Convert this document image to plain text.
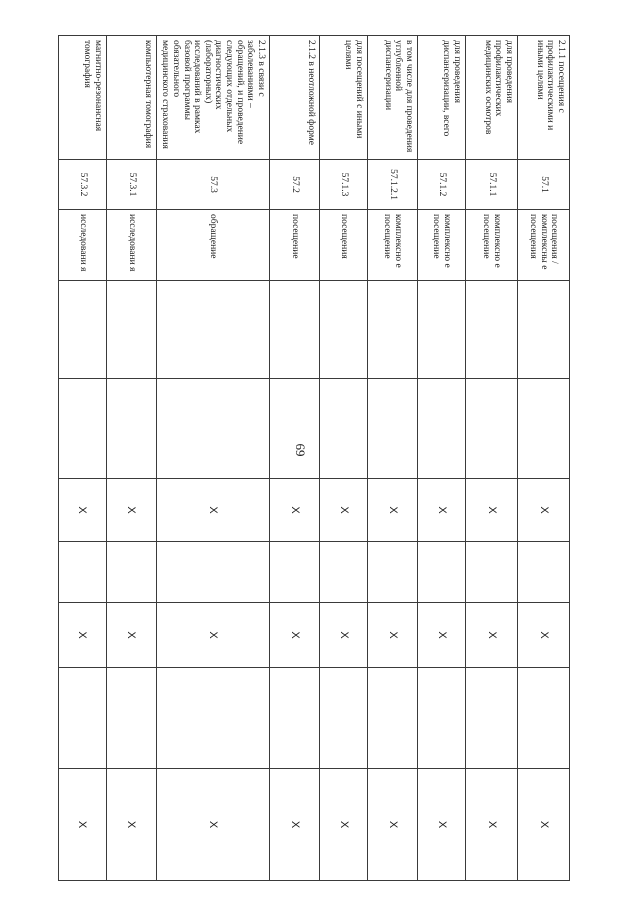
69
2.1.1 посещения с профилактическими и иными целями	57.1	посещения / комплексны е посещения			X		X		X
для проведения профилактических медицинских осмотров	57.1.1	комплексно е посещение			X		X		X
для проведения диспансеризации, всего	57.1.2	комплексно е посещение			X		X		X
в том числе для проведения углубленной диспансеризации	57.1.2.1	комплексно е посещение			X		X		X
для посещений с иными целями	57.1.3	посещения			X		X		X
2.1.2 в неотложной форме	57.2	посещение			X		X		X
2.1.3 в связи с заболеваниями – обращений, и проведение следующих отдельных диагностических (лабораторных) исследований в рамках базовой программы обязательного медицинского страхования	57.3	обращение			X		X		X
компьютерная томография	57.3.1	исследовани я			X		X		X
магнитно-резонансная томография	57.3.2	исследовани я			X		X		X
